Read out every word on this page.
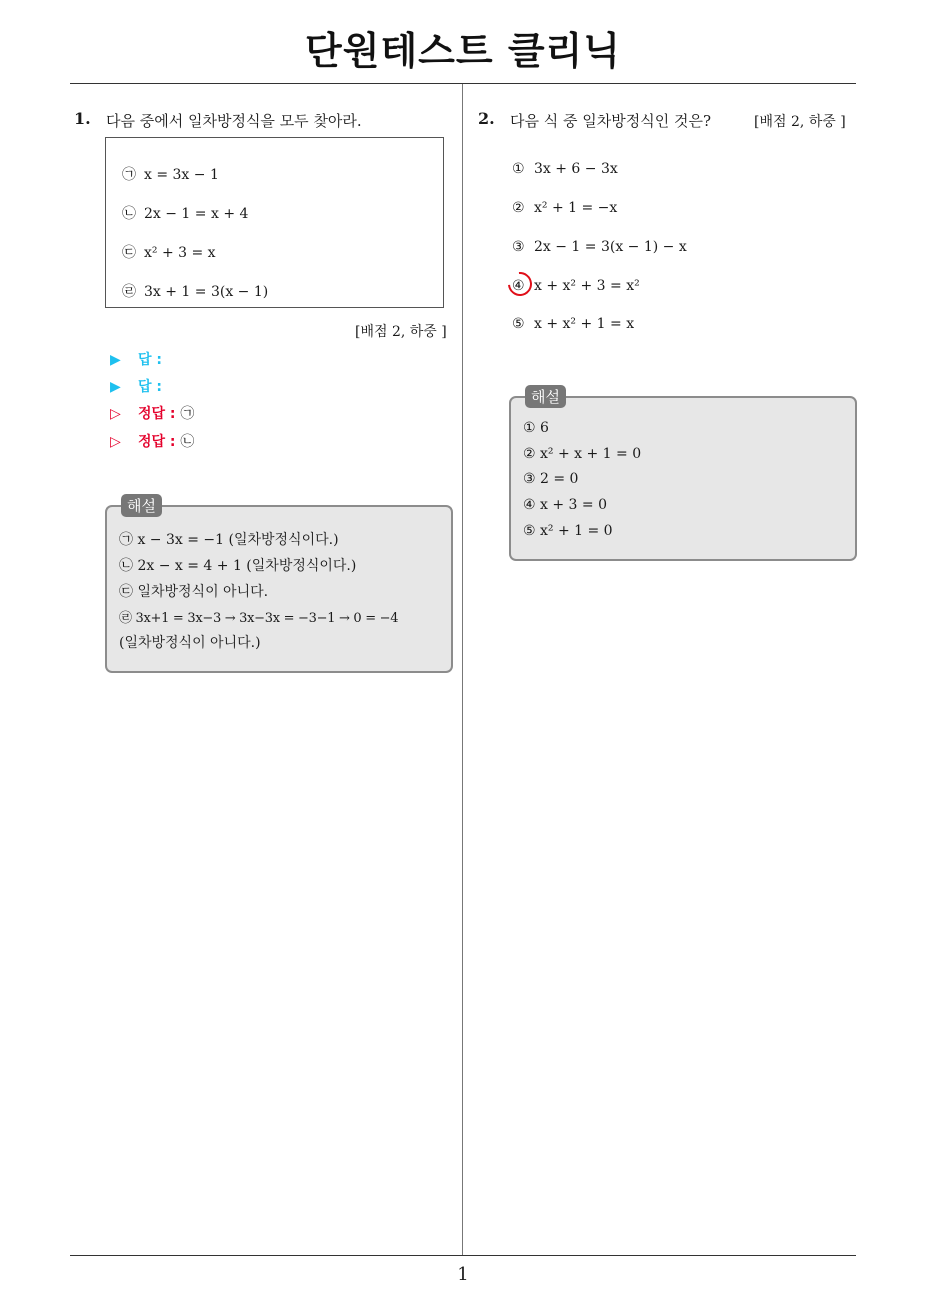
단원테스트 클리닉
1. 다음 중에서 일차방정식을 모두 찾아라.
㉠ x = 3x − 1
㉡ 2x − 1 = x + 4
㉢ x² + 3 = x
㉣ 3x + 1 = 3(x − 1)
[배점 2, 하중 ]
▶ 답 :
▶ 답 :
▷ 정답 : ㉠
▷ 정답 : ㉡
해설
㉠ x − 3x = −1 (일차방정식이다.)
㉡ 2x − x = 4 + 1 (일차방정식이다.)
㉢ 일차방정식이 아니다.
㉣ 3x+1 = 3x−3 → 3x−3x = −3−1 → 0 = −4
(일차방정식이 아니다.)
2. 다음 식 중 일차방정식인 것은?	[배점 2, 하중 ]
① 3x + 6 − 3x
② x² + 1 = −x
③ 2x − 1 = 3(x − 1) − x
④ x + x² + 3 = x²
⑤ x + x² + 1 = x
해설
① 6
② x² + x + 1 = 0
③ 2 = 0
④ x + 3 = 0
⑤ x² + 1 = 0
1
